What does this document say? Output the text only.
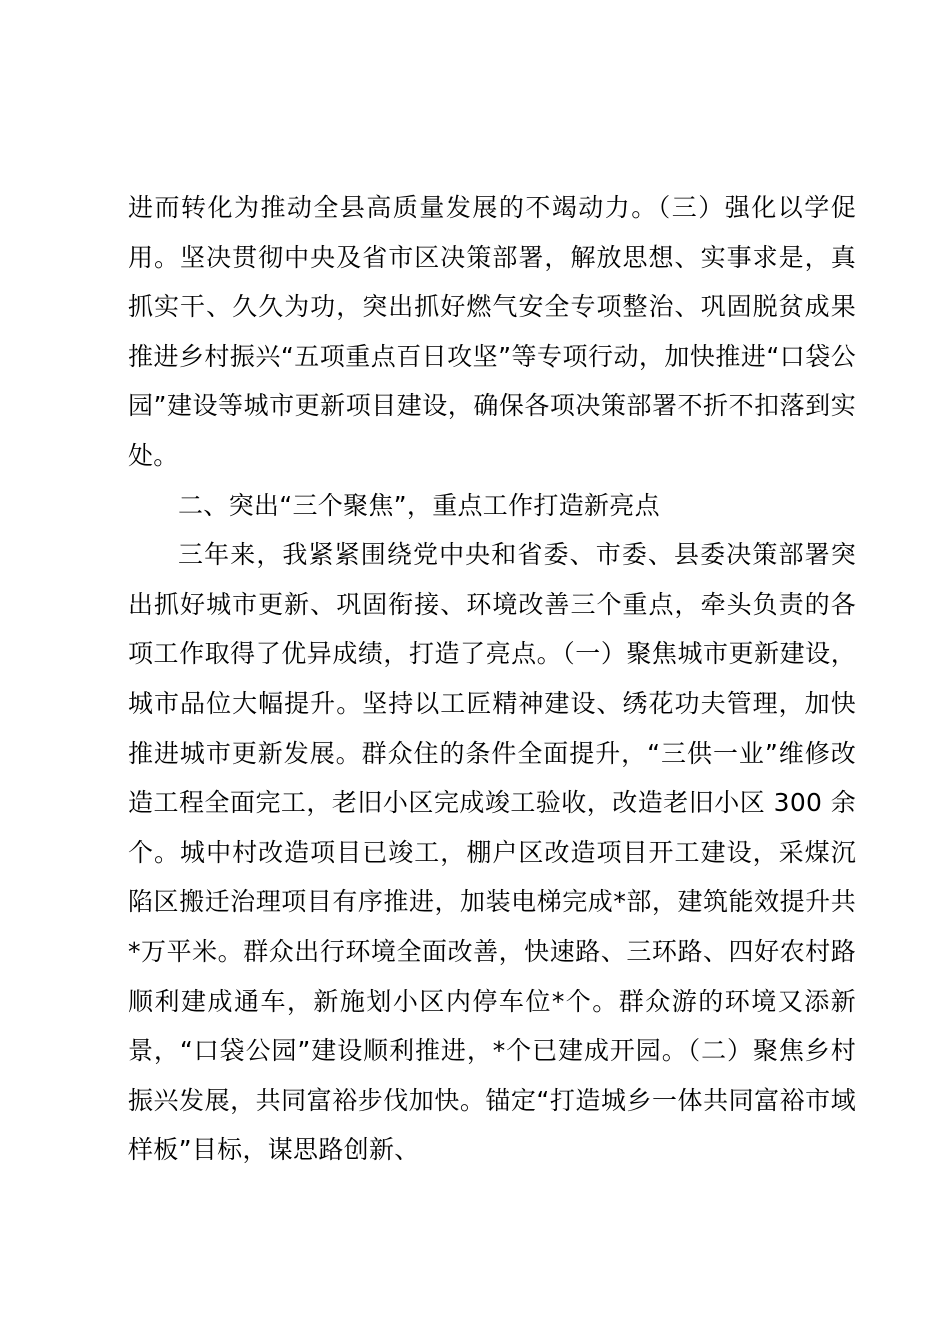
进而转化为推动全县高质量发展的不竭动力。（三）强化以学促用。坚决贯彻中央及省市区决策部署，解放思想、实事求是，真抓实干、久久为功，突出抓好燃气安全专项整治、巩固脱贫成果推进乡村振兴“五项重点百日攻坚”等专项行动，加快推进“口袋公园”建设等城市更新项目建设，确保各项决策部署不折不扣落到实处。

二、突出“三个聚焦”，重点工作打造新亮点

三年来，我紧紧围绕党中央和省委、市委、县委决策部署突出抓好城市更新、巩固衔接、环境改善三个重点，牵头负责的各项工作取得了优异成绩，打造了亮点。（一）聚焦城市更新建设，城市品位大幅提升。坚持以工匠精神建设、绣花功夫管理，加快推进城市更新发展。群众住的条件全面提升，“三供一业”维修改造工程全面完工，老旧小区完成竣工验收，改造老旧小区 300 余个。城中村改造项目已竣工，棚户区改造项目开工建设，采煤沉陷区搬迁治理项目有序推进，加装电梯完成*部，建筑能效提升共*万平米。群众出行环境全面改善，快速路、三环路、四好农村路顺利建成通车，新施划小区内停车位*个。群众游的环境又添新景，“口袋公园”建设顺利推进，*个已建成开园。（二）聚焦乡村振兴发展，共同富裕步伐加快。锚定“打造城乡一体共同富裕市域样板”目标，谋思路创新、
